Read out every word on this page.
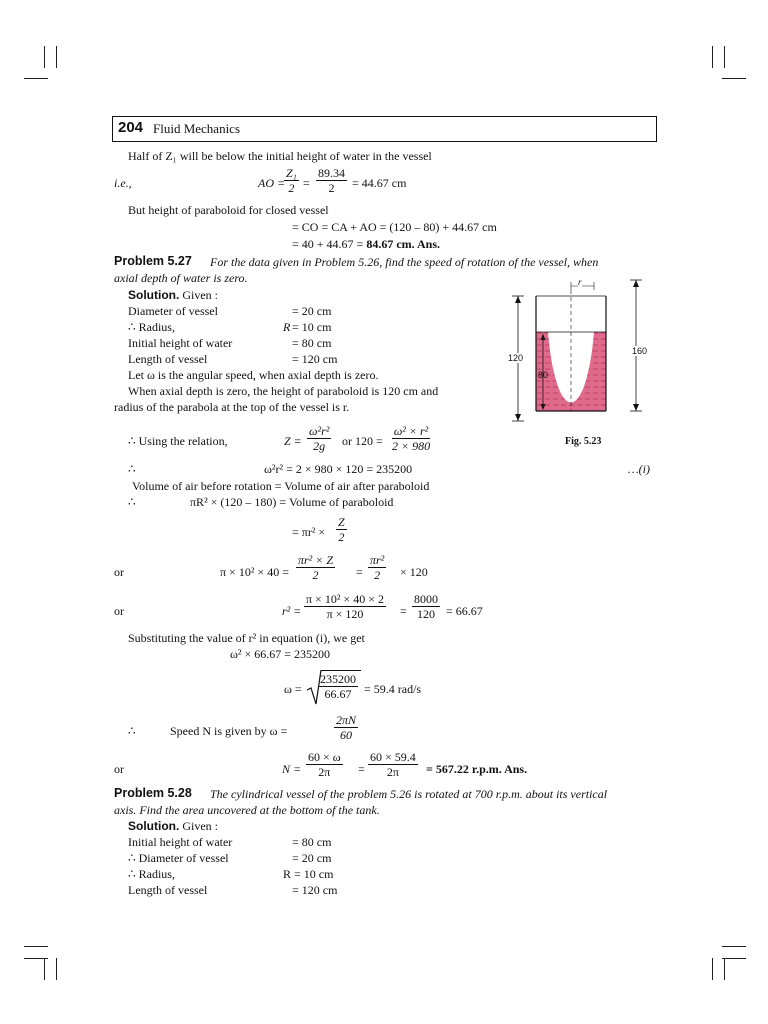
204 Fluid Mechanics
Half of Z₁ will be below the initial height of water in the vessel
i.e.,	AO =
$\frac{\text{Z₁}}{2} = \frac{89.34}{2} = 44.67$ cm
But height of paraboloid for closed vessel
= CO = CA + AO = (120 – 80) + 44.67 cm
= 40 + 44.67 = 84.67 cm. Ans.
Problem 5.27 For the data given in Problem 5.26, find the speed of rotation of the vessel, when
axial depth of water is zero.
Solution. Given :
Diameter of vessel	= 20 cm
∴ Radius,	R = 10 cm
Initial height of water	= 80 cm
Length of vessel	= 120 cm
Let ω is the angular speed, when axial depth is zero.
When axial depth is zero, the height of paraboloid is 120 cm and
radius of the parabola at the top of the vessel is r.
∴ Using the relation,	$Z = \frac{\text{ω²r²}}{2g}$ or $120 = \frac{\text{ω² × r²}}{2 \times 980}$
∴	ω²r² = 2 × 980 × 120 = 235200	…(i)
Volume of air before rotation = Volume of air after paraboloid
∴	πR² × (120 – 180) = Volume of paraboloid
= $\pi r^2 \times \frac{Z}{2}$
or	$\pi \times 10^2 \times 40 = \frac{\text{πr² × Z}}{2} = \frac{\text{πr²}}{2} \times 120$
or	$r^2 = \frac{\text{π × 10² × 40 × 2}}{\pi \times 120} = \frac{8000}{120} = 66.67$
Substituting the value of r² in equation (i), we get
ω² × 66.67 = 235200
$\omega = \frac{235200}{66.67} = 59.4$ rad/s
∴	Speed N is given by ω =	$\frac{2\pi N}{60}$
or	$N = \frac{60 \times \omega}{2\pi} = \frac{60 \times 59.4}{2\pi} = 567.22$ r.p.m. Ans.
Problem 5.28 The cylindrical vessel of the problem 5.26 is rotated at 700 r.p.m. about its vertical
axis. Find the area uncovered at the bottom of the tank.
Solution. Given :
Initial height of water	= 80 cm
∴ Diameter of vessel	= 20 cm
∴ Radius,	R = 10 cm
Length of vessel	= 120 cm
r
120
80
160
Fig. 5.23
